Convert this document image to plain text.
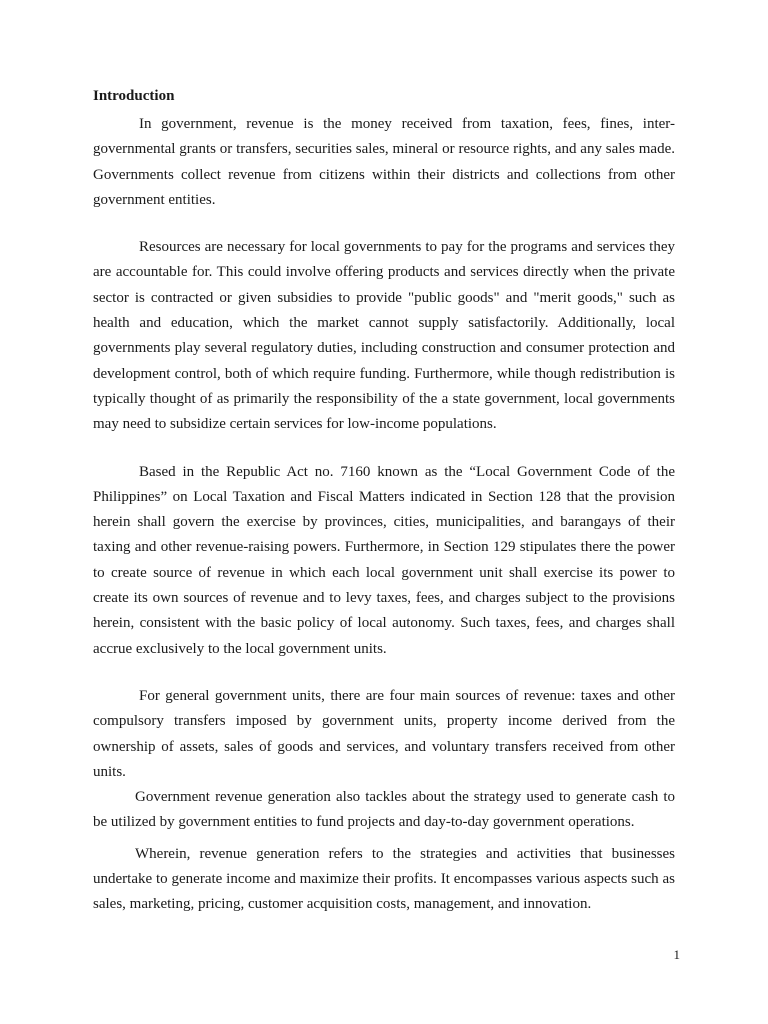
Introduction

In government, revenue is the money received from taxation, fees, fines, inter-governmental grants or transfers, securities sales, mineral or resource rights, and any sales made. Governments collect revenue from citizens within their districts and collections from other government entities.

Resources are necessary for local governments to pay for the programs and services they are accountable for. This could involve offering products and services directly when the private sector is contracted or given subsidies to provide "public goods" and "merit goods," such as health and education, which the market cannot supply satisfactorily. Additionally, local governments play several regulatory duties, including construction and consumer protection and development control, both of which require funding. Furthermore, while though redistribution is typically thought of as primarily the responsibility of the a state government, local governments may need to subsidize certain services for low-income populations.

Based in the Republic Act no. 7160 known as the “Local Government Code of the Philippines” on Local Taxation and Fiscal Matters indicated in Section 128 that the provision herein shall govern the exercise by provinces, cities, municipalities, and barangays of their taxing and other revenue-raising powers. Furthermore, in Section 129 stipulates there the power to create source of revenue in which each local government unit shall exercise its power to create its own sources of revenue and to levy taxes, fees, and charges subject to the provisions herein, consistent with the basic policy of local autonomy. Such taxes, fees, and charges shall accrue exclusively to the local government units.

For general government units, there are four main sources of revenue: taxes and other compulsory transfers imposed by government units, property income derived from the ownership of assets, sales of goods and services, and voluntary transfers received from other units.

Government revenue generation also tackles about the strategy used to generate cash to be utilized by government entities to fund projects and day-to-day government operations.

Wherein, revenue generation refers to the strategies and activities that businesses undertake to generate income and maximize their profits. It encompasses various aspects such as sales, marketing, pricing, customer acquisition costs, management, and innovation.

1
